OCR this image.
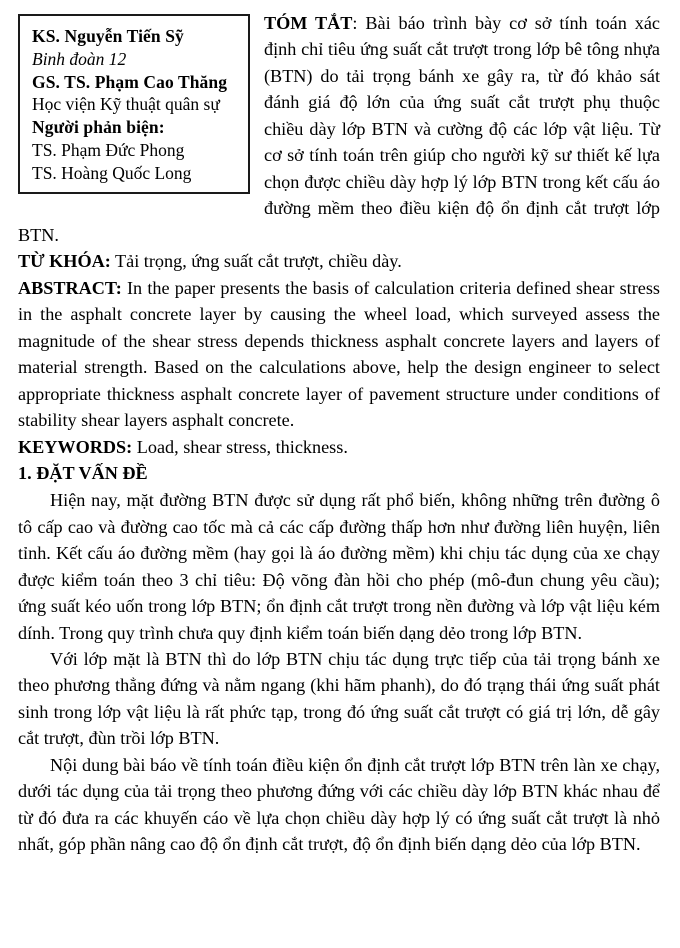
KS. Nguyễn Tiến Sỹ
Binh đoàn 12
GS. TS. Phạm Cao Thăng
Học viện Kỹ thuật quân sự
Người phản biện:
TS. Phạm Đức Phong
TS. Hoàng Quốc Long

TÓM TẮT: Bài báo trình bày cơ sở tính toán xác định chỉ tiêu ứng suất cắt trượt trong lớp bê tông nhựa (BTN) do tải trọng bánh xe gây ra, từ đó khảo sát đánh giá độ lớn của ứng suất cắt trượt phụ thuộc chiều dày lớp BTN và cường độ các lớp vật liệu. Từ cơ sở tính toán trên giúp cho người kỹ sư thiết kế lựa chọn được chiều dày hợp lý lớp BTN trong kết cấu áo đường mềm theo điều kiện độ ổn định cắt trượt lớp BTN.

TỪ KHÓA: Tải trọng, ứng suất cắt trượt, chiều dày.

ABSTRACT: In the paper presents the basis of calculation criteria defined shear stress in the asphalt concrete layer by causing the wheel load, which surveyed assess the magnitude of the shear stress depends thickness asphalt concrete layers and layers of material strength. Based on the calculations above, help the design engineer to select appropriate thickness asphalt concrete layer of pavement structure under conditions of stability shear layers asphalt concrete.

KEYWORDS: Load, shear stress, thickness.

1. ĐẶT VẤN ĐỀ

Hiện nay, mặt đường BTN được sử dụng rất phổ biến, không những trên đường ô tô cấp cao và đường cao tốc mà cả các cấp đường thấp hơn như đường liên huyện, liên tỉnh. Kết cấu áo đường mềm (hay gọi là áo đường mềm) khi chịu tác dụng của xe chạy được kiểm toán theo 3 chỉ tiêu: Độ võng đàn hồi cho phép (mô-đun chung yêu cầu); ứng suất kéo uốn trong lớp BTN; ổn định cắt trượt trong nền đường và lớp vật liệu kém dính. Trong quy trình chưa quy định kiểm toán biến dạng dẻo trong lớp BTN.

Với lớp mặt là BTN thì do lớp BTN chịu tác dụng trực tiếp của tải trọng bánh xe theo phương thẳng đứng và nằm ngang (khi hãm phanh), do đó trạng thái ứng suất phát sinh trong lớp vật liệu là rất phức tạp, trong đó ứng suất cắt trượt có giá trị lớn, dễ gây cắt trượt, đùn trồi lớp BTN.

Nội dung bài báo về tính toán điều kiện ổn định cắt trượt lớp BTN trên làn xe chạy, dưới tác dụng của tải trọng theo phương đứng với các chiều dày lớp BTN khác nhau để từ đó đưa ra các khuyến cáo về lựa chọn chiều dày hợp lý có ứng suất cắt trượt là nhỏ nhất, góp phần nâng cao độ ổn định cắt trượt, độ ổn định biến dạng dẻo của lớp BTN.
